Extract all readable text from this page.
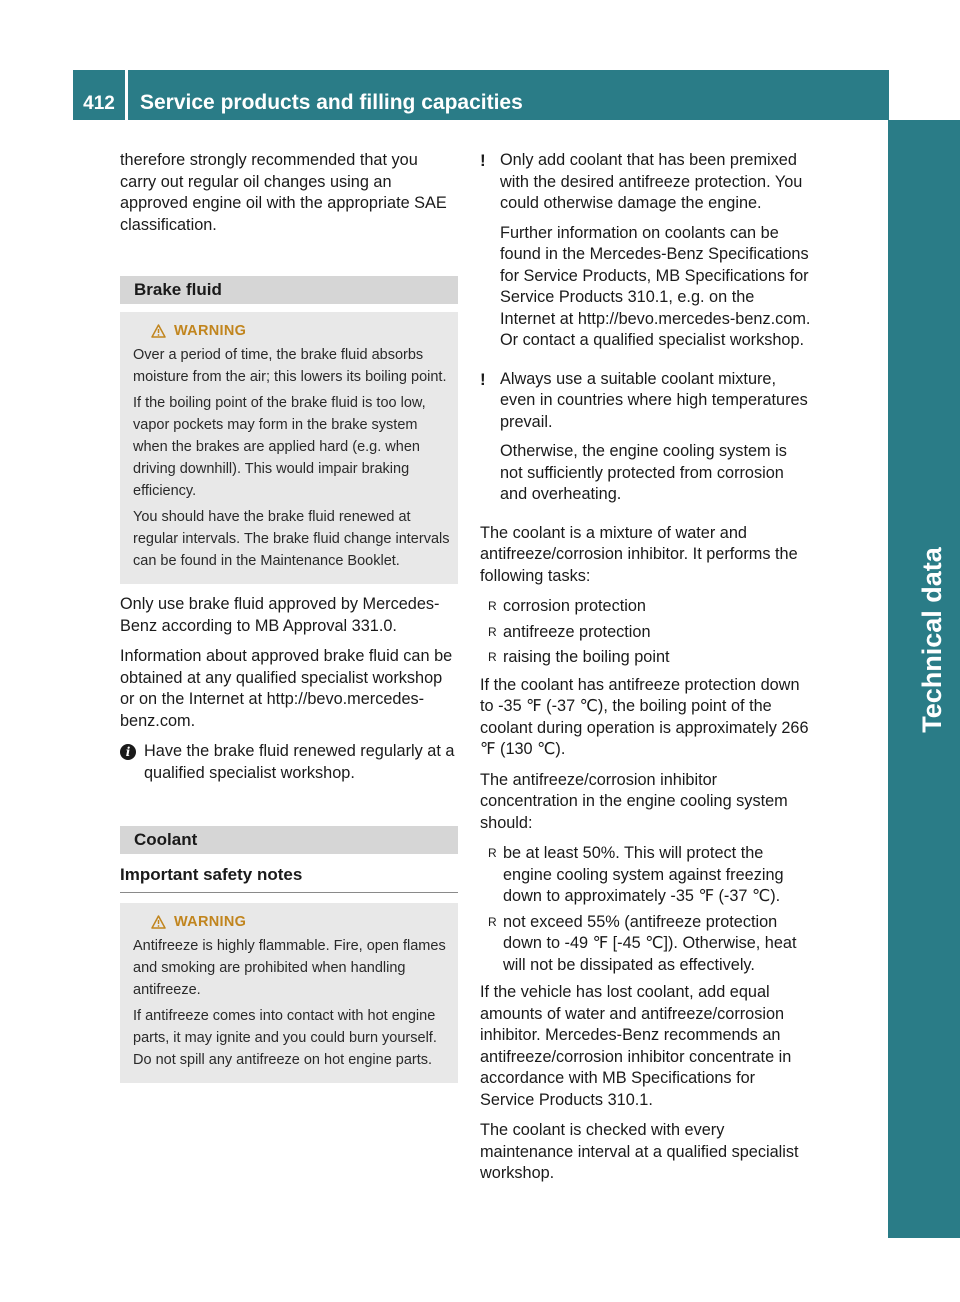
412	Service products and filling capacities
Technical data

therefore strongly recommended that you carry out regular oil changes using an approved engine oil with the appropriate SAE classification.

Brake fluid
WARNING

Over a period of time, the brake fluid absorbs moisture from the air; this lowers its boiling point.

If the boiling point of the brake fluid is too low, vapor pockets may form in the brake system when the brakes are applied hard (e.g. when driving downhill). This would impair braking efficiency.

You should have the brake fluid renewed at regular intervals. The brake fluid change intervals can be found in the Maintenance Booklet.

Only use brake fluid approved by Mercedes-Benz according to MB Approval 331.0.

Information about approved brake fluid can be obtained at any qualified specialist workshop or on the Internet at http://bevo.mercedes-benz.com.

i Have the brake fluid renewed regularly at a qualified specialist workshop.

Coolant
Important safety notes
WARNING

Antifreeze is highly flammable. Fire, open flames and smoking are prohibited when handling antifreeze.

If antifreeze comes into contact with hot engine parts, it may ignite and you could burn yourself. Do not spill any antifreeze on hot engine parts.

! Only add coolant that has been premixed with the desired antifreeze protection. You could otherwise damage the engine.

Further information on coolants can be found in the Mercedes-Benz Specifications for Service Products, MB Specifications for Service Products 310.1, e.g. on the Internet at http://bevo.mercedes-benz.com. Or contact a qualified specialist workshop.

! Always use a suitable coolant mixture, even in countries where high temperatures prevail.

Otherwise, the engine cooling system is not sufficiently protected from corrosion and overheating.

The coolant is a mixture of water and antifreeze/corrosion inhibitor. It performs the following tasks:

R corrosion protection
R antifreeze protection
R raising the boiling point

If the coolant has antifreeze protection down to -35 ℉ (-37 ℃), the boiling point of the coolant during operation is approximately 266 ℉ (130 ℃).

The antifreeze/corrosion inhibitor concentration in the engine cooling system should:

R be at least 50%. This will protect the engine cooling system against freezing down to approximately -35 ℉ (-37 ℃).
R not exceed 55% (antifreeze protection down to -49 ℉ [-45 ℃]). Otherwise, heat will not be dissipated as effectively.

If the vehicle has lost coolant, add equal amounts of water and antifreeze/corrosion inhibitor. Mercedes-Benz recommends an antifreeze/corrosion inhibitor concentrate in accordance with MB Specifications for Service Products 310.1.

The coolant is checked with every maintenance interval at a qualified specialist workshop.
